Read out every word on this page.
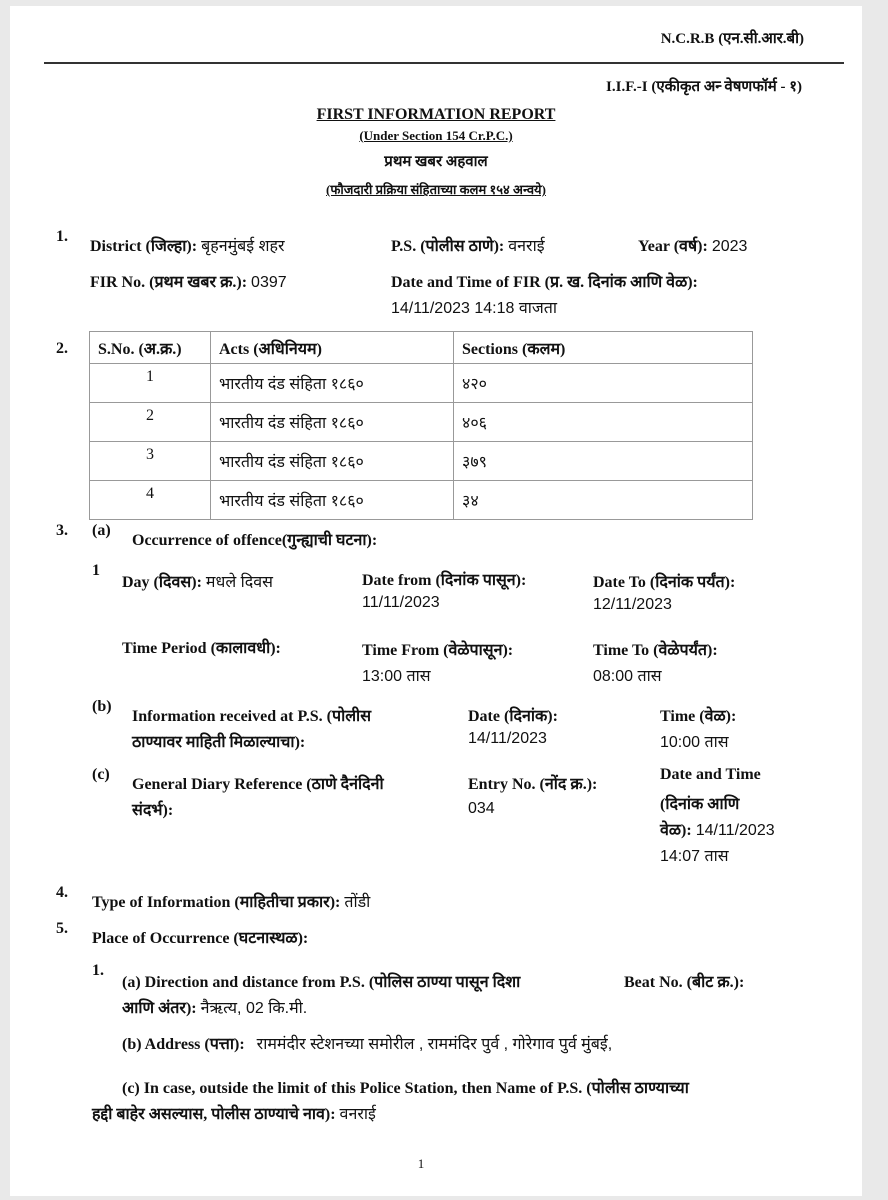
N.C.R.B (एन.सी.आर.बी)
I.I.F.-I (एकीकृत अन्‍ वेषणफॉर्म - १)
FIRST INFORMATION REPORT
(Under Section 154 Cr.P.C.)
प्रथम खबर अहवाल
(फौजदारी प्रक्रिया संहिताच्या कलम १५४ अन्वये)
1.
District (जिल्हा): बृहनमुंबई शहर	P.S. (पोलीस ठाणे): वनराई	Year (वर्ष): 2023
FIR No. (प्रथम खबर क्र.): 0397	Date and Time of FIR (प्र. ख. दिनांक आणि वेळ):
14/11/2023 14:18 वाजता
2. S.No. (अ.क्र.)	Acts (अधिनियम)	Sections (कलम)
1	भारतीय दंड संहिता १८६०	४२०
2	भारतीय दंड संहिता १८६०	४०६
3	भारतीय दंड संहिता १८६०	३७९
4	भारतीय दंड संहिता १८६०	३४
3. (a)
Occurrence of offence(गुन्ह्याची घटना):
1
Day (दिवस): मधले दिवस	Date from (दिनांक पासून):
11/11/2023
Date To (दिनांक पर्यंत):
12/11/2023
Time Period (कालावधी):	Time From (वेळेपासून):
13:00 तास
Time To (वेळेपर्यंत):
08:00 तास
(b)
Information received at P.S. (पोलीस
ठाण्यावर माहिती मिळाल्याचा):
Date (दिनांक):
14/11/2023
Time (वेळ):
10:00 तास
(c)
General Diary Reference (ठाणे दैनंदिनी
संदर्भ):
Entry No. (नोंद क्र.):
034
Date and Time
(दिनांक आणि
वेळ): 14/11/2023
14:07 तास
4.
Type of Information (माहितीचा प्रकार): तोंडी
5.
Place of Occurrence (घटनास्थळ):
1.
(a) Direction and distance from P.S. (पोलिस ठाण्या पासून दिशा	Beat No. (बीट क्र.):
आणि अंतर): नैऋत्य, 02 कि.मी.
(b) Address (पत्ता): राममंदीर स्टेशनच्या समोरील , राममंदिर पुर्व , गोरेगाव पुर्व मुंबई,
(c) In case, outside the limit of this Police Station, then Name of P.S. (पोलीस ठाण्याच्या
हद्दी बाहेर असल्यास, पोलीस ठाण्याचे नाव): वनराई
1
